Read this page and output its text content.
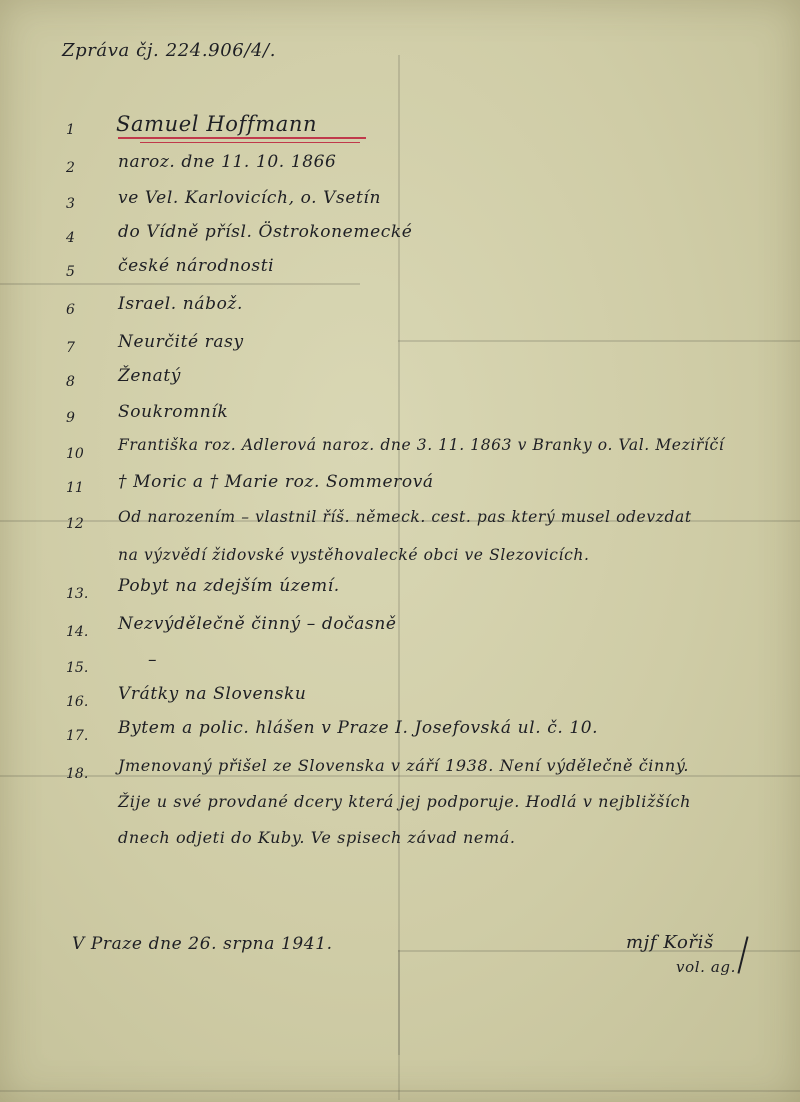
Zpráva čj. 224.906/4/.
1 Samuel Hoffmann
2	naroz. dne 11. 10. 1866
3	ve Vel. Karlovicích, o. Vsetín
4	do Vídně přísl. Östrokonemecké
5	české národnosti
6	Israel. nábož.
7	Neurčité rasy
8	Ženatý
9	Soukromník
10 Františka roz. Adlerová naroz. dne 3. 11. 1863 v Branky o. Val. Meziříčí
11 † Moric a † Marie roz. Sommerová
12 Od narozením – vlastnil říš. německ. cest. pas který musel odevzdat
na výzvědí židovské vystěhovalecké obci ve Slezovicích.
13. Pobyt na zdejším území.
14. Nezvýdělečně činný – dočasně
15.	–
16. Vrátky na Slovensku
17. Bytem a polic. hlášen v Praze I. Josefovská ul. č. 10.
18. Jmenovaný přišel ze Slovenska v září 1938. Není výdělečně činný.
Žije u své provdané dcery která jej podporuje. Hodlá v nejbližších
dnech odjeti do Kuby. Ve spisech závad nemá.
V Praze dne 26. srpna 1941.	mjf Kořiš
vol. ag.
